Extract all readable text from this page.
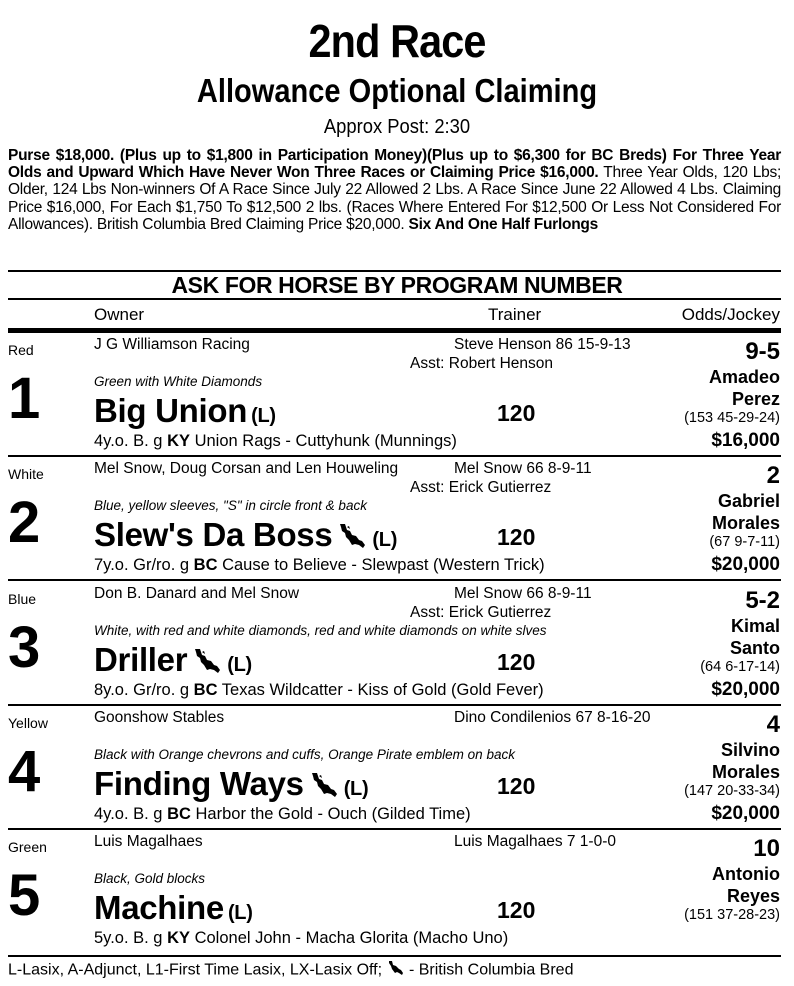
2nd Race
Allowance Optional Claiming
Approx Post: 2:30
Purse $18,000. (Plus up to $1,800 in Participation Money)(Plus up to $6,300 for BC Breds) For Three Year Olds and Upward Which Have Never Won Three Races or Claiming Price $16,000. Three Year Olds, 120 Lbs; Older, 124 Lbs Non-winners Of A Race Since July 22 Allowed 2 Lbs. A Race Since June 22 Allowed 4 Lbs. Claiming Price $16,000, For Each $1,750 To $12,500 2 lbs. (Races Where Entered For $12,500 Or Less Not Considered For Allowances). British Columbia Bred Claiming Price $20,000. Six And One Half Furlongs
ASK FOR HORSE BY PROGRAM NUMBER
Owner	Trainer	Odds/Jockey
Red
1
J G Williamson Racing	Steve Henson 86 15-9-13
Asst: Robert Henson
Green with White Diamonds
Big Union (L)	120
4y.o. B. g KY Union Rags - Cuttyhunk (Munnings)
9-5
Amadeo
Perez
(153 45-29-24)
$16,000
White
2
Mel Snow, Doug Corsan and Len Houweling	Mel Snow 66 8-9-11
Asst: Erick Gutierrez
Blue, yellow sleeves, "S" in circle front & back
Slew's Da Boss (L)	120
7y.o. Gr/ro. g BC Cause to Believe - Slewpast (Western Trick)
2
Gabriel
Morales
(67 9-7-11)
$20,000
Blue
3
Don B. Danard and Mel Snow	Mel Snow 66 8-9-11
Asst: Erick Gutierrez
White, with red and white diamonds, red and white diamonds on white slves
Driller (L)	120
8y.o. Gr/ro. g BC Texas Wildcatter - Kiss of Gold (Gold Fever)
5-2
Kimal
Santo
(64 6-17-14)
$20,000
Yellow
4
Goonshow Stables	Dino Condilenios 67 8-16-20
Black with Orange chevrons and cuffs, Orange Pirate emblem on back
Finding Ways (L)	120
4y.o. B. g BC Harbor the Gold - Ouch (Gilded Time)
4
Silvino
Morales
(147 20-33-34)
$20,000
Green
5
Luis Magalhaes	Luis Magalhaes 7 1-0-0
Black, Gold blocks
Machine (L)	120
5y.o. B. g KY Colonel John - Macha Glorita (Macho Uno)
10
Antonio
Reyes
(151 37-28-23)
L-Lasix, A-Adjunct, L1-First Time Lasix, LX-Lasix Off; - British Columbia Bred
